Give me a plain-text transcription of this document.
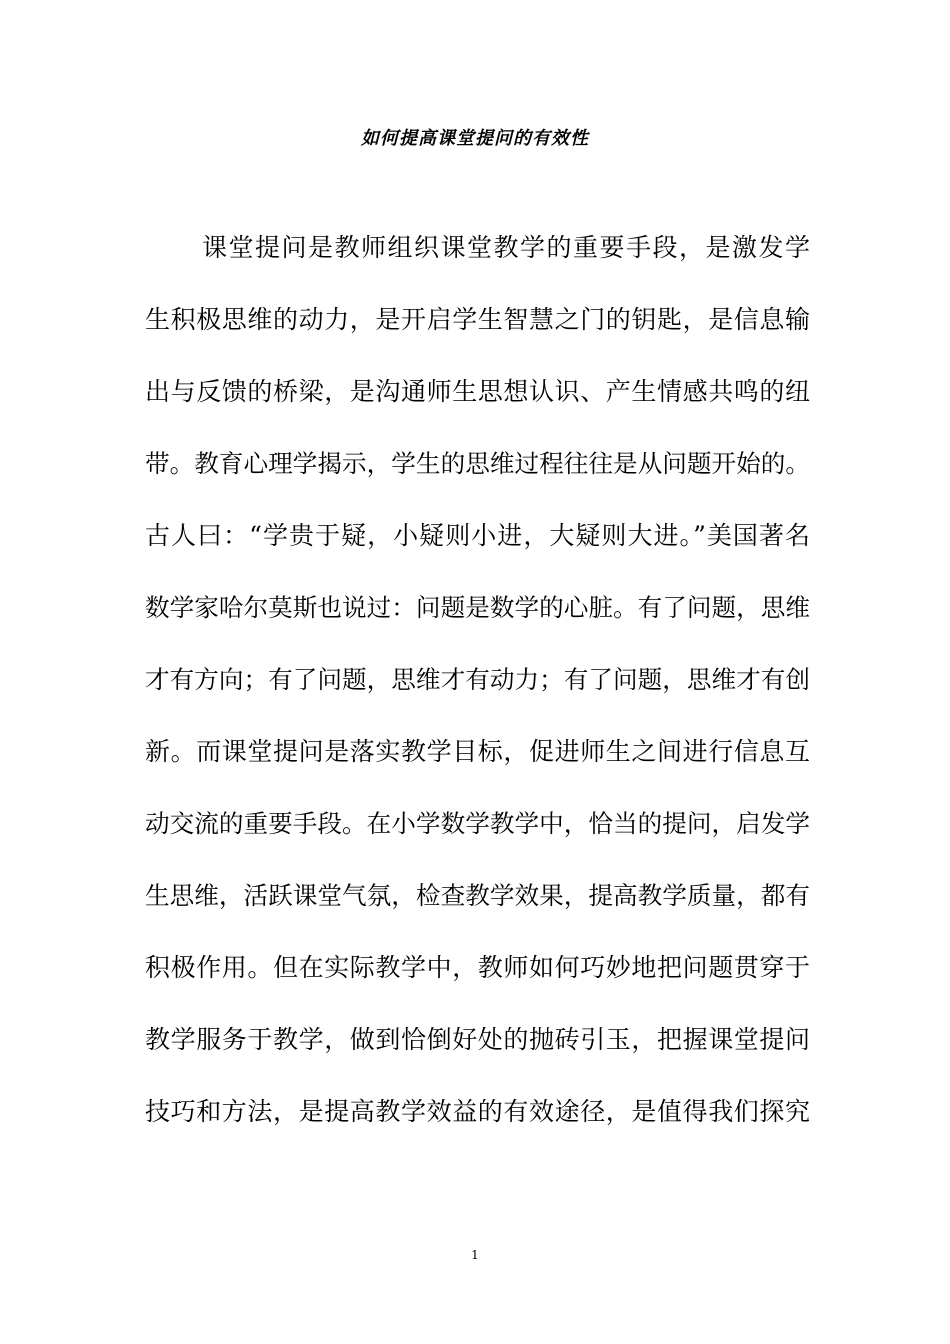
如何提高课堂提问的有效性
课堂提问是教师组织课堂教学的重要手段，是激发学
生积极思维的动力，是开启学生智慧之门的钥匙，是信息输
出与反馈的桥梁，是沟通师生思想认识、产生情感共鸣的纽
带。教育心理学揭示，学生的思维过程往往是从问题开始的。
古人曰：“学贵于疑，小疑则小进，大疑则大进。”美国著名
数学家哈尔莫斯也说过：问题是数学的心脏。有了问题，思维
才有方向；有了问题，思维才有动力；有了问题，思维才有创
新。而课堂提问是落实教学目标，促进师生之间进行信息互
动交流的重要手段。在小学数学教学中，恰当的提问，启发学
生思维，活跃课堂气氛，检查教学效果，提高教学质量，都有
积极作用。但在实际教学中，教师如何巧妙地把问题贯穿于
教学服务于教学，做到恰倒好处的抛砖引玉，把握课堂提问
技巧和方法，是提高教学效益的有效途径，是值得我们探究
1
